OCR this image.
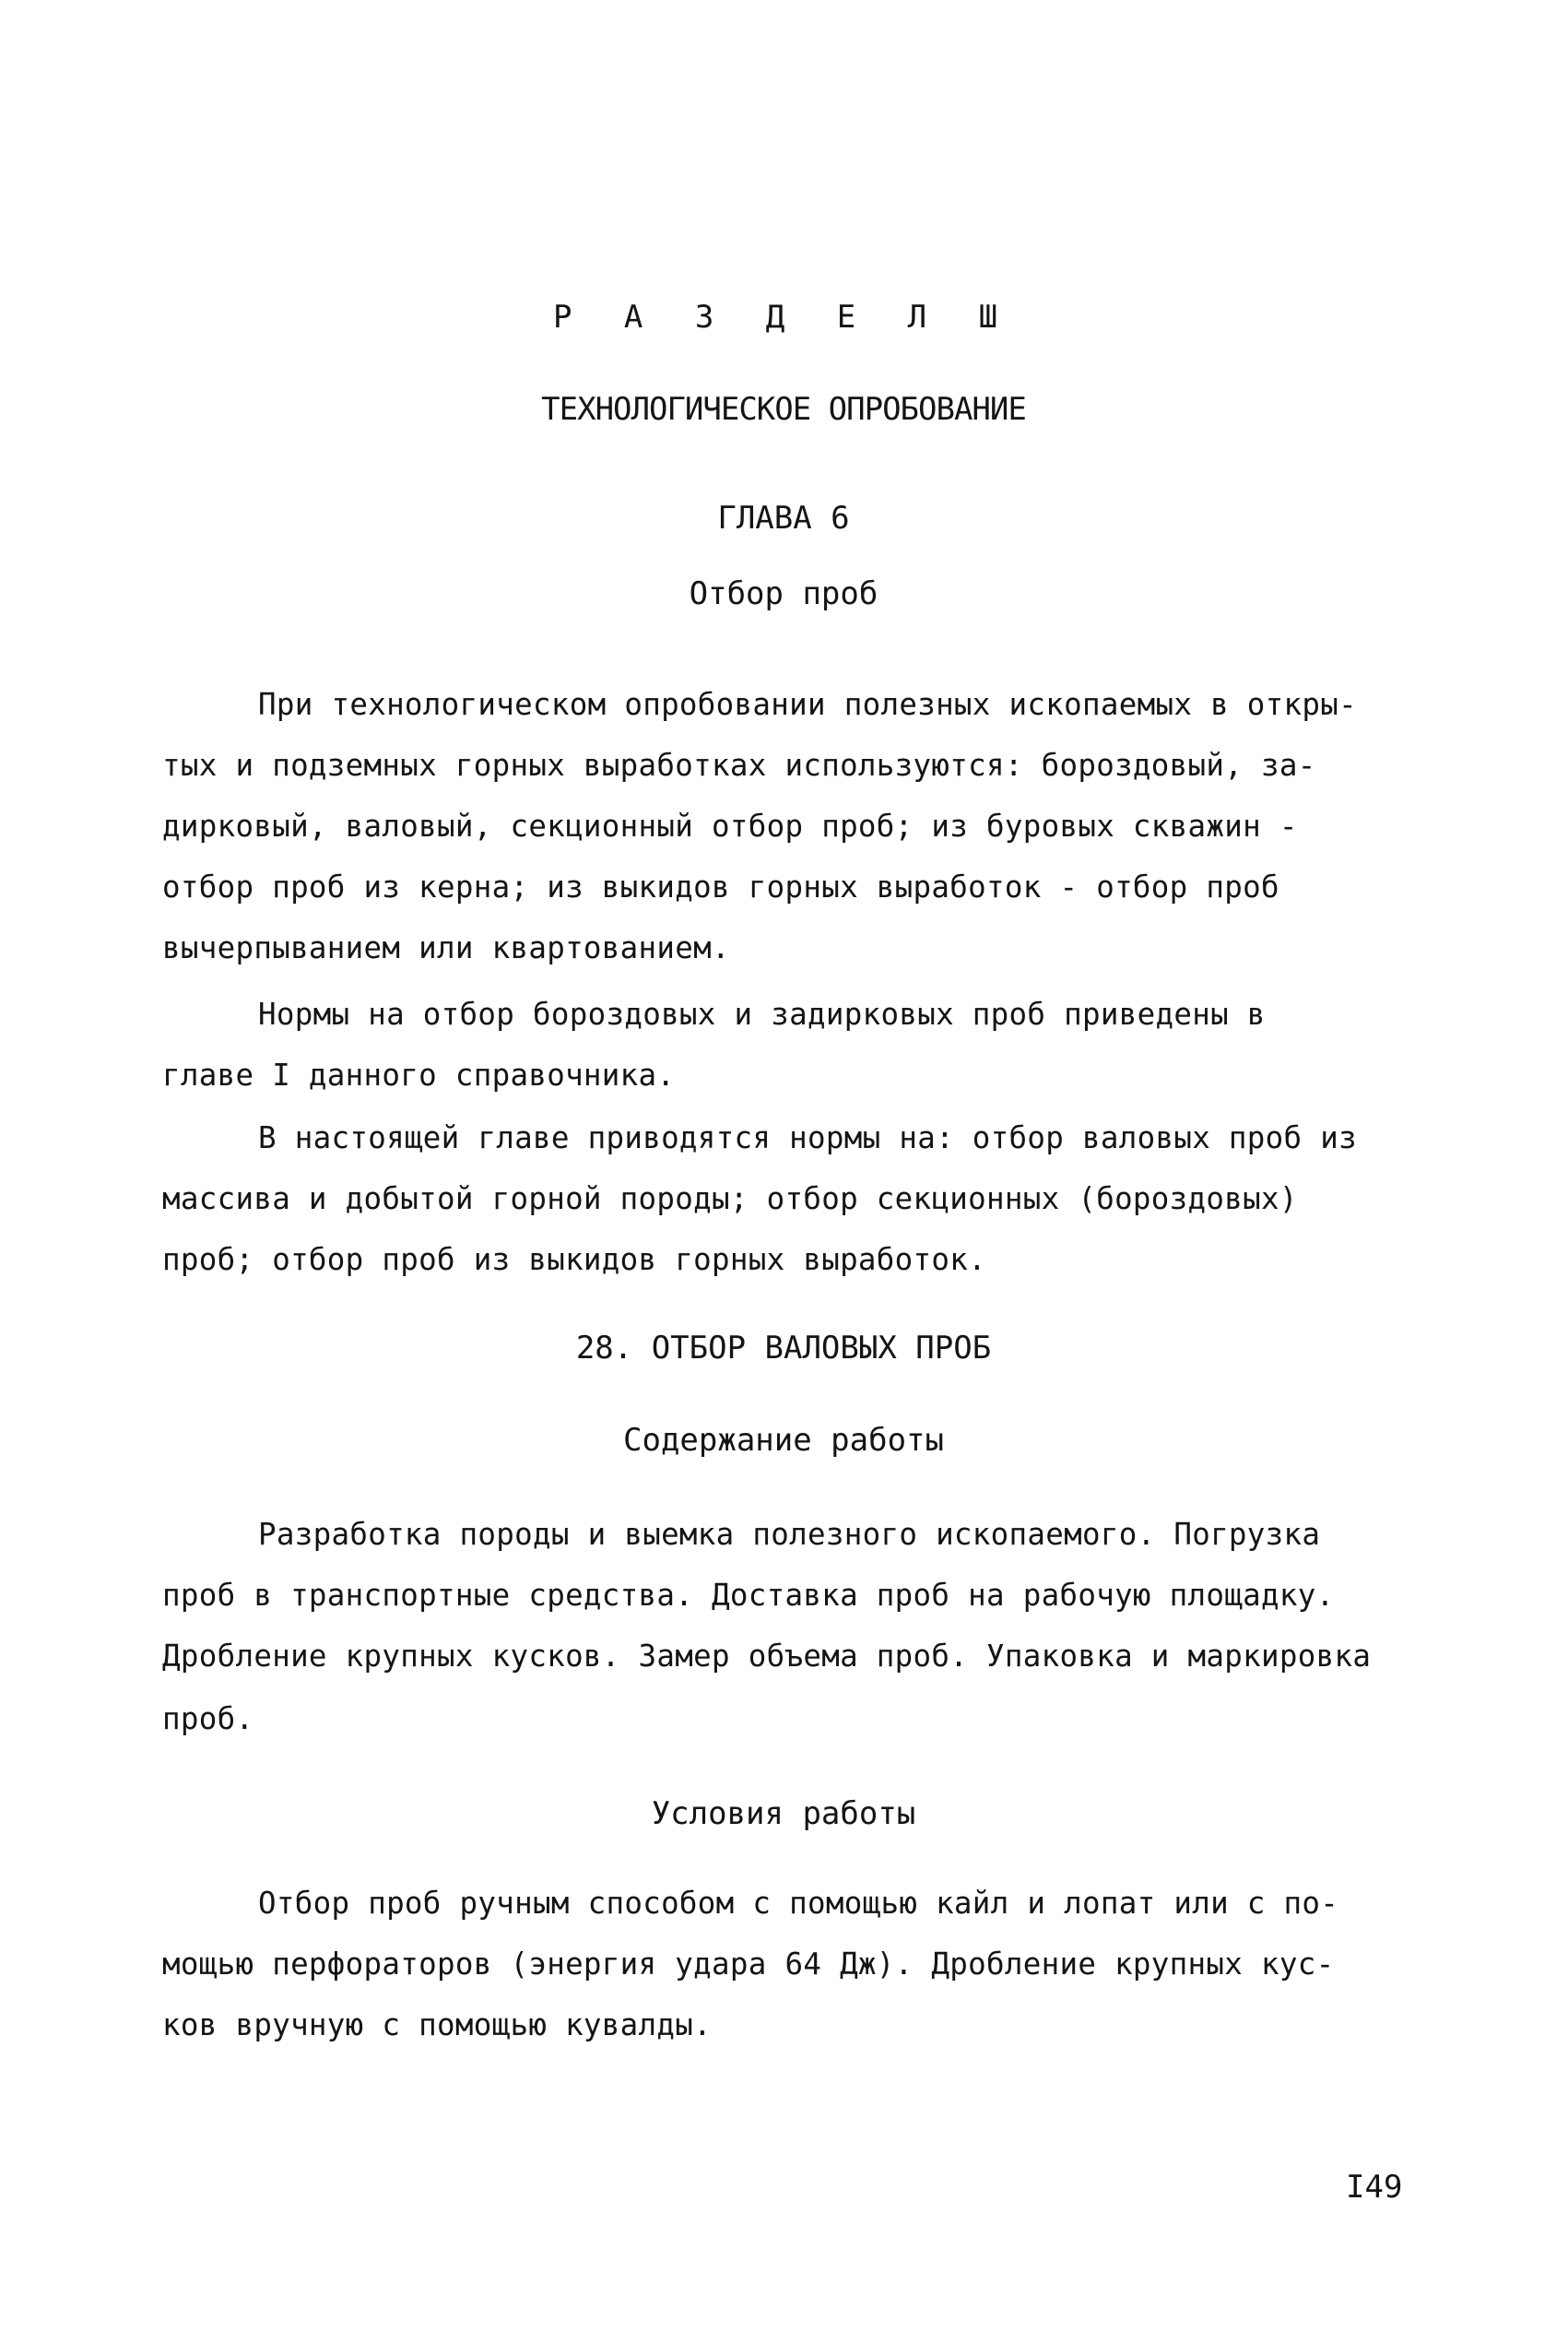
Р А З Д Е Л Ш
ТЕХНОЛОГИЧЕСКОЕ ОПРОБОВАНИЕ
ГЛАВА 6
Отбор проб
При технологическом опробовании полезных ископаемых в откры-
тых и подземных горных выработках используются: бороздовый, за-
дирковый, валовый, секционный отбор проб; из буровых скважин -
отбор проб из керна; из выкидов горных выработок - отбор проб
вычерпыванием или квартованием.
Нормы на отбор бороздовых и задирковых проб приведены в
главе I данного справочника.
В настоящей главе приводятся нормы на: отбор валовых проб из
массива и добытой горной породы; отбор секционных (бороздовых)
проб; отбор проб из выкидов горных выработок.
28. ОТБОР ВАЛОВЫХ ПРОБ
Содержание работы
Разработка породы и выемка полезного ископаемого. Погрузка
проб в транспортные средства. Доставка проб на рабочую площадку.
Дробление крупных кусков. Замер объема проб. Упаковка и маркировка
проб.
Условия работы
Отбор проб ручным способом с помощью кайл и лопат или с по-
мощью перфораторов (энергия удара 64 Дж). Дробление крупных кус-
ков вручную с помощью кувалды.
I49
